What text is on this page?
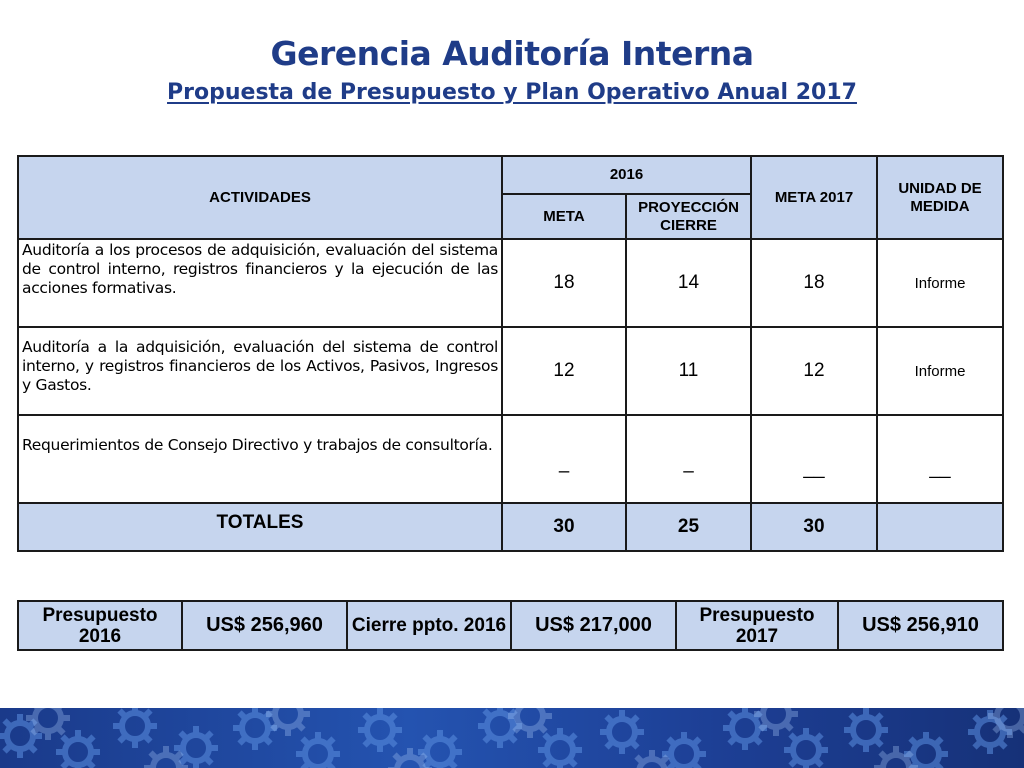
Gerencia Auditoría Interna
Propuesta de Presupuesto y Plan Operativo Anual 2017
ACTIVIDADES	2016		META 2017	UNIDAD DE MEDIDA
	META	PROYECCIÓN CIERRE		
Auditoría a los procesos de adquisición, evaluación del sistema de control interno, registros financieros y la ejecución de las acciones formativas.	18	14	18	Informe
Auditoría a la adquisición, evaluación del sistema de control interno, y registros financieros de los Activos, Pasivos, Ingresos y Gastos.	12	11	12	Informe
Requerimientos de Consejo Directivo y trabajos de consultoría.	–	–	__	__
TOTALES	30	25	30	
Presupuesto 2016	US$ 256,960	Cierre ppto. 2016	US$ 217,000	Presupuesto 2017	US$ 256,910
